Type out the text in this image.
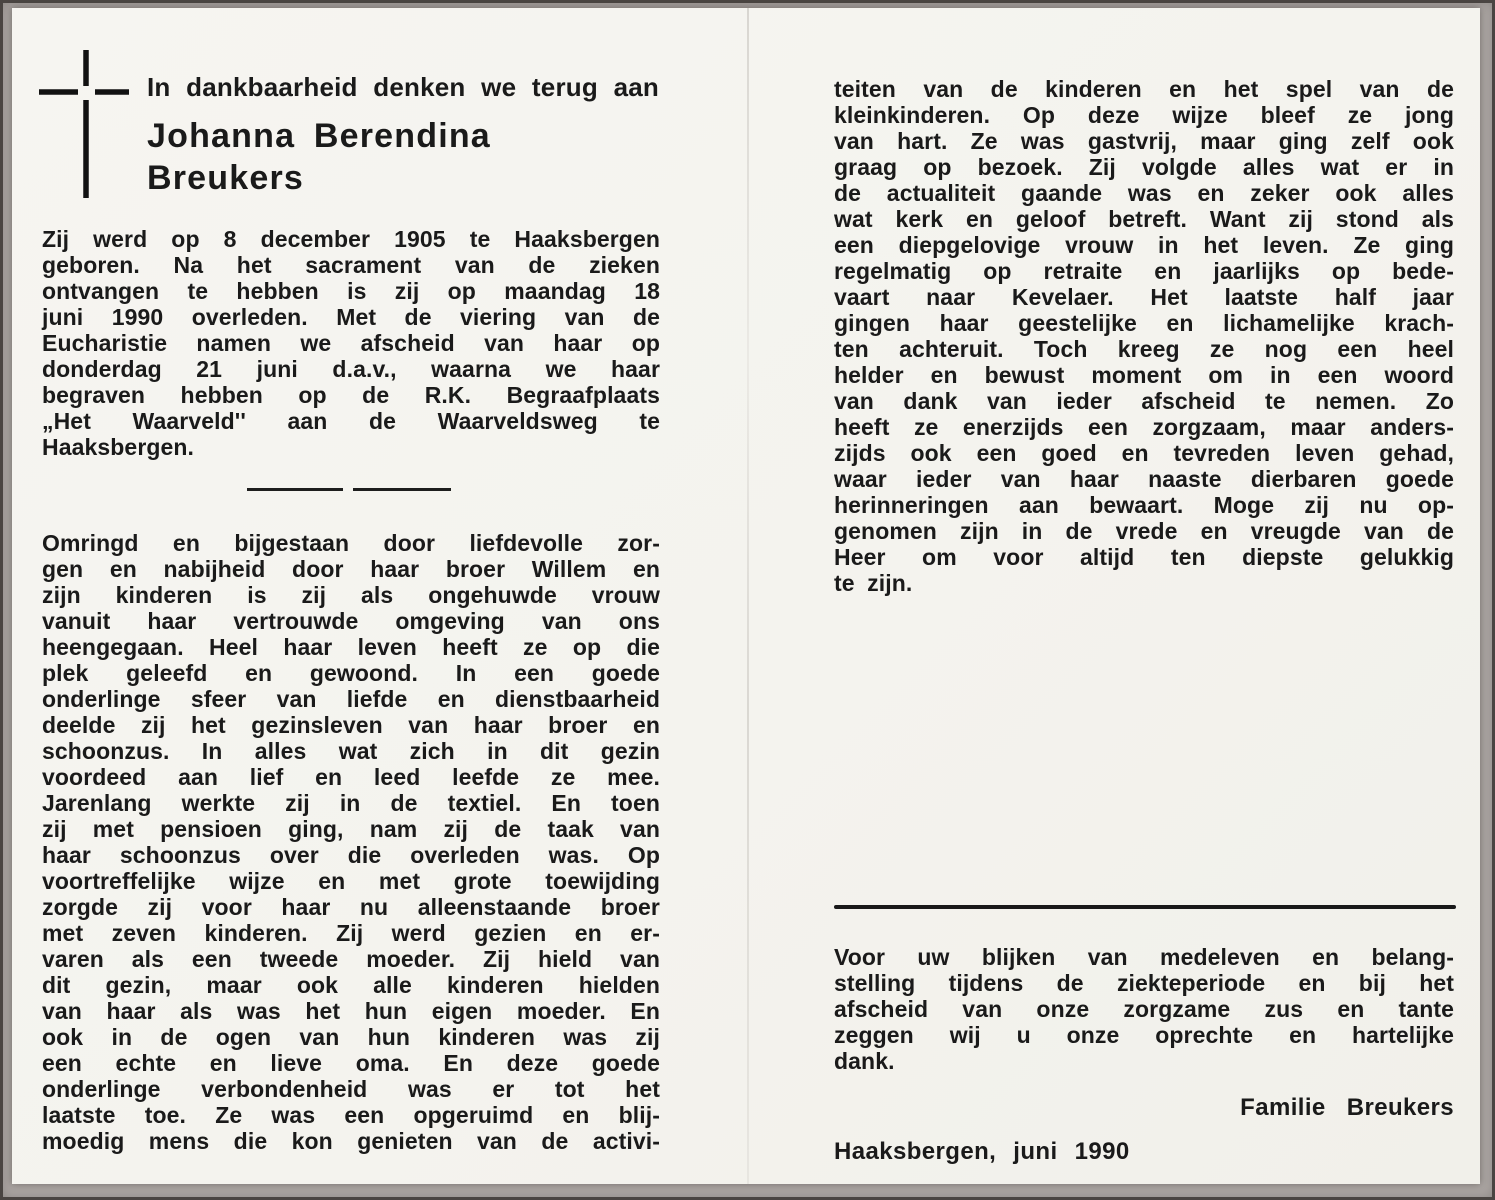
In dankbaarheid denken we terug aan
Johanna Berendina
Breukers
Zij werd op 8 december 1905 te Haaksbergen
geboren. Na het sacrament van de zieken
ontvangen te hebben is zij op maandag 18
juni 1990 overleden. Met de viering van de
Eucharistie namen we afscheid van haar op
donderdag 21 juni d.a.v., waarna we haar
begraven hebben op de R.K. Begraafplaats
„Het Waarveld'' aan de Waarveldsweg te
Haaksbergen.
Omringd en bijgestaan door liefdevolle zor-
gen en nabijheid door haar broer Willem en
zijn kinderen is zij als ongehuwde vrouw
vanuit haar vertrouwde omgeving van ons
heengegaan. Heel haar leven heeft ze op die
plek geleefd en gewoond. In een goede
onderlinge sfeer van liefde en dienstbaarheid
deelde zij het gezinsleven van haar broer en
schoonzus. In alles wat zich in dit gezin
voordeed aan lief en leed leefde ze mee.
Jarenlang werkte zij in de textiel. En toen
zij met pensioen ging, nam zij de taak van
haar schoonzus over die overleden was. Op
voortreffelijke wijze en met grote toewijding
zorgde zij voor haar nu alleenstaande broer
met zeven kinderen. Zij werd gezien en er-
varen als een tweede moeder. Zij hield van
dit gezin, maar ook alle kinderen hielden
van haar als was het hun eigen moeder. En
ook in de ogen van hun kinderen was zij
een echte en lieve oma. En deze goede
onderlinge verbondenheid was er tot het
laatste toe. Ze was een opgeruimd en blij-
moedig mens die kon genieten van de activi-
teiten van de kinderen en het spel van de
kleinkinderen. Op deze wijze bleef ze jong
van hart. Ze was gastvrij, maar ging zelf ook
graag op bezoek. Zij volgde alles wat er in
de actualiteit gaande was en zeker ook alles
wat kerk en geloof betreft. Want zij stond als
een diepgelovige vrouw in het leven. Ze ging
regelmatig op retraite en jaarlijks op bede-
vaart naar Kevelaer. Het laatste half jaar
gingen haar geestelijke en lichamelijke krach-
ten achteruit. Toch kreeg ze nog een heel
helder en bewust moment om in een woord
van dank van ieder afscheid te nemen. Zo
heeft ze enerzijds een zorgzaam, maar anders-
zijds ook een goed en tevreden leven gehad,
waar ieder van haar naaste dierbaren goede
herinneringen aan bewaart. Moge zij nu op-
genomen zijn in de vrede en vreugde van de
Heer om voor altijd ten diepste gelukkig
te zijn.
Voor uw blijken van medeleven en belang-
stelling tijdens de ziekteperiode en bij het
afscheid van onze zorgzame zus en tante
zeggen wij u onze oprechte en hartelijke
dank.
Familie Breukers
Haaksbergen, juni 1990
